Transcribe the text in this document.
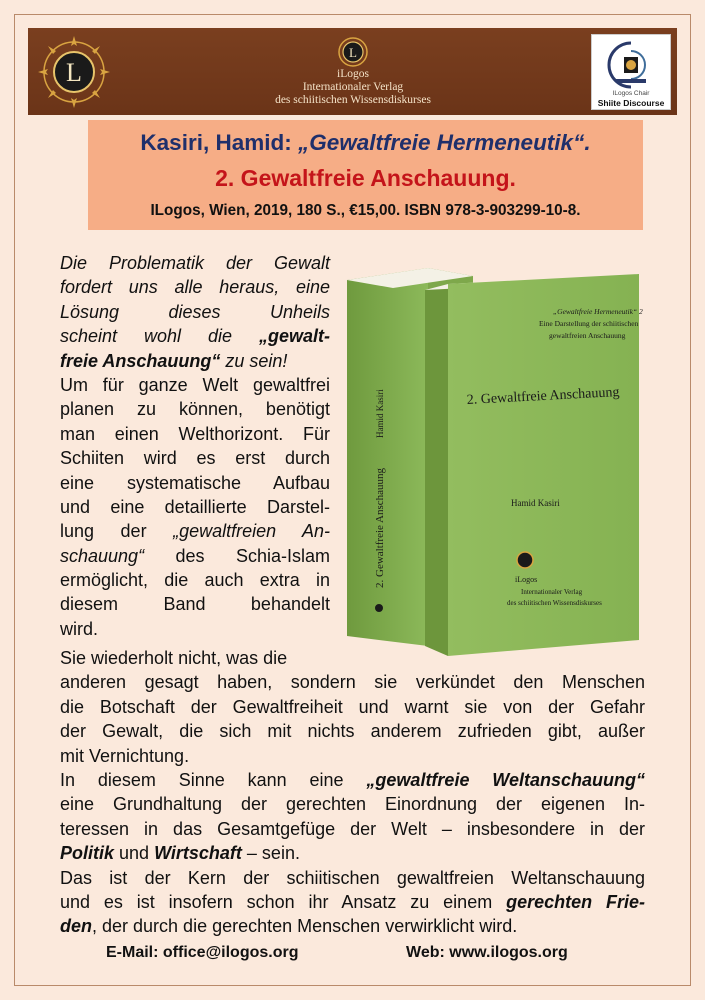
L
L
iLogos
Internationaler Verlag
des schiitischen Wissensdiskurses
ILogos Chair
Shiite Discourse
Kasiri, Hamid: „Gewaltfreie Hermeneutik“.
2. Gewaltfreie Anschauung.
ILogos, Wien, 2019, 180 S., €15,00. ISBN 978-3-903299-10-8.
2. Gewaltfreie Anschauung
Hamid Kasiri
„Gewaltfreie Hermeneutik“ 2
Eine Darstellung der schiitischen
gewaltfreien Anschauung
2. Gewaltfreie Anschauung
Hamid Kasiri
iLogos
Internationaler Verlag
des schiitischen Wissensdiskurses
Die Problematik der Gewalt
fordert uns alle heraus, eine
Lösung dieses Unheils
scheint wohl die „gewalt-
freie Anschauung“ zu sein!
Um für ganze Welt gewaltfrei
planen zu können, benötigt
man einen Welthorizont. Für
Schiiten wird es erst durch
eine systematische Aufbau
und eine detaillierte Darstel-
lung der „gewaltfreien An-
schauung“ des Schia-Islam
ermöglicht, die auch extra in
diesem Band behandelt
wird.
Sie wiederholt nicht, was die
anderen gesagt haben, sondern sie verkündet den Menschen
die Botschaft der Gewaltfreiheit und warnt sie von der Gefahr
der Gewalt, die sich mit nichts anderem zufrieden gibt, außer
mit Vernichtung.
In diesem Sinne kann eine „gewaltfreie Weltanschauung“
eine Grundhaltung der gerechten Einordnung der eigenen In-
teressen in das Gesamtgefüge der Welt – insbesondere in der
Politik und Wirtschaft – sein.
Das ist der Kern der schiitischen gewaltfreien Weltanschauung
und es ist insofern schon ihr Ansatz zu einem gerechten Frie-
den, der durch die gerechten Menschen verwirklicht wird.
E-Mail: office@ilogos.org	Web: www.ilogos.org
